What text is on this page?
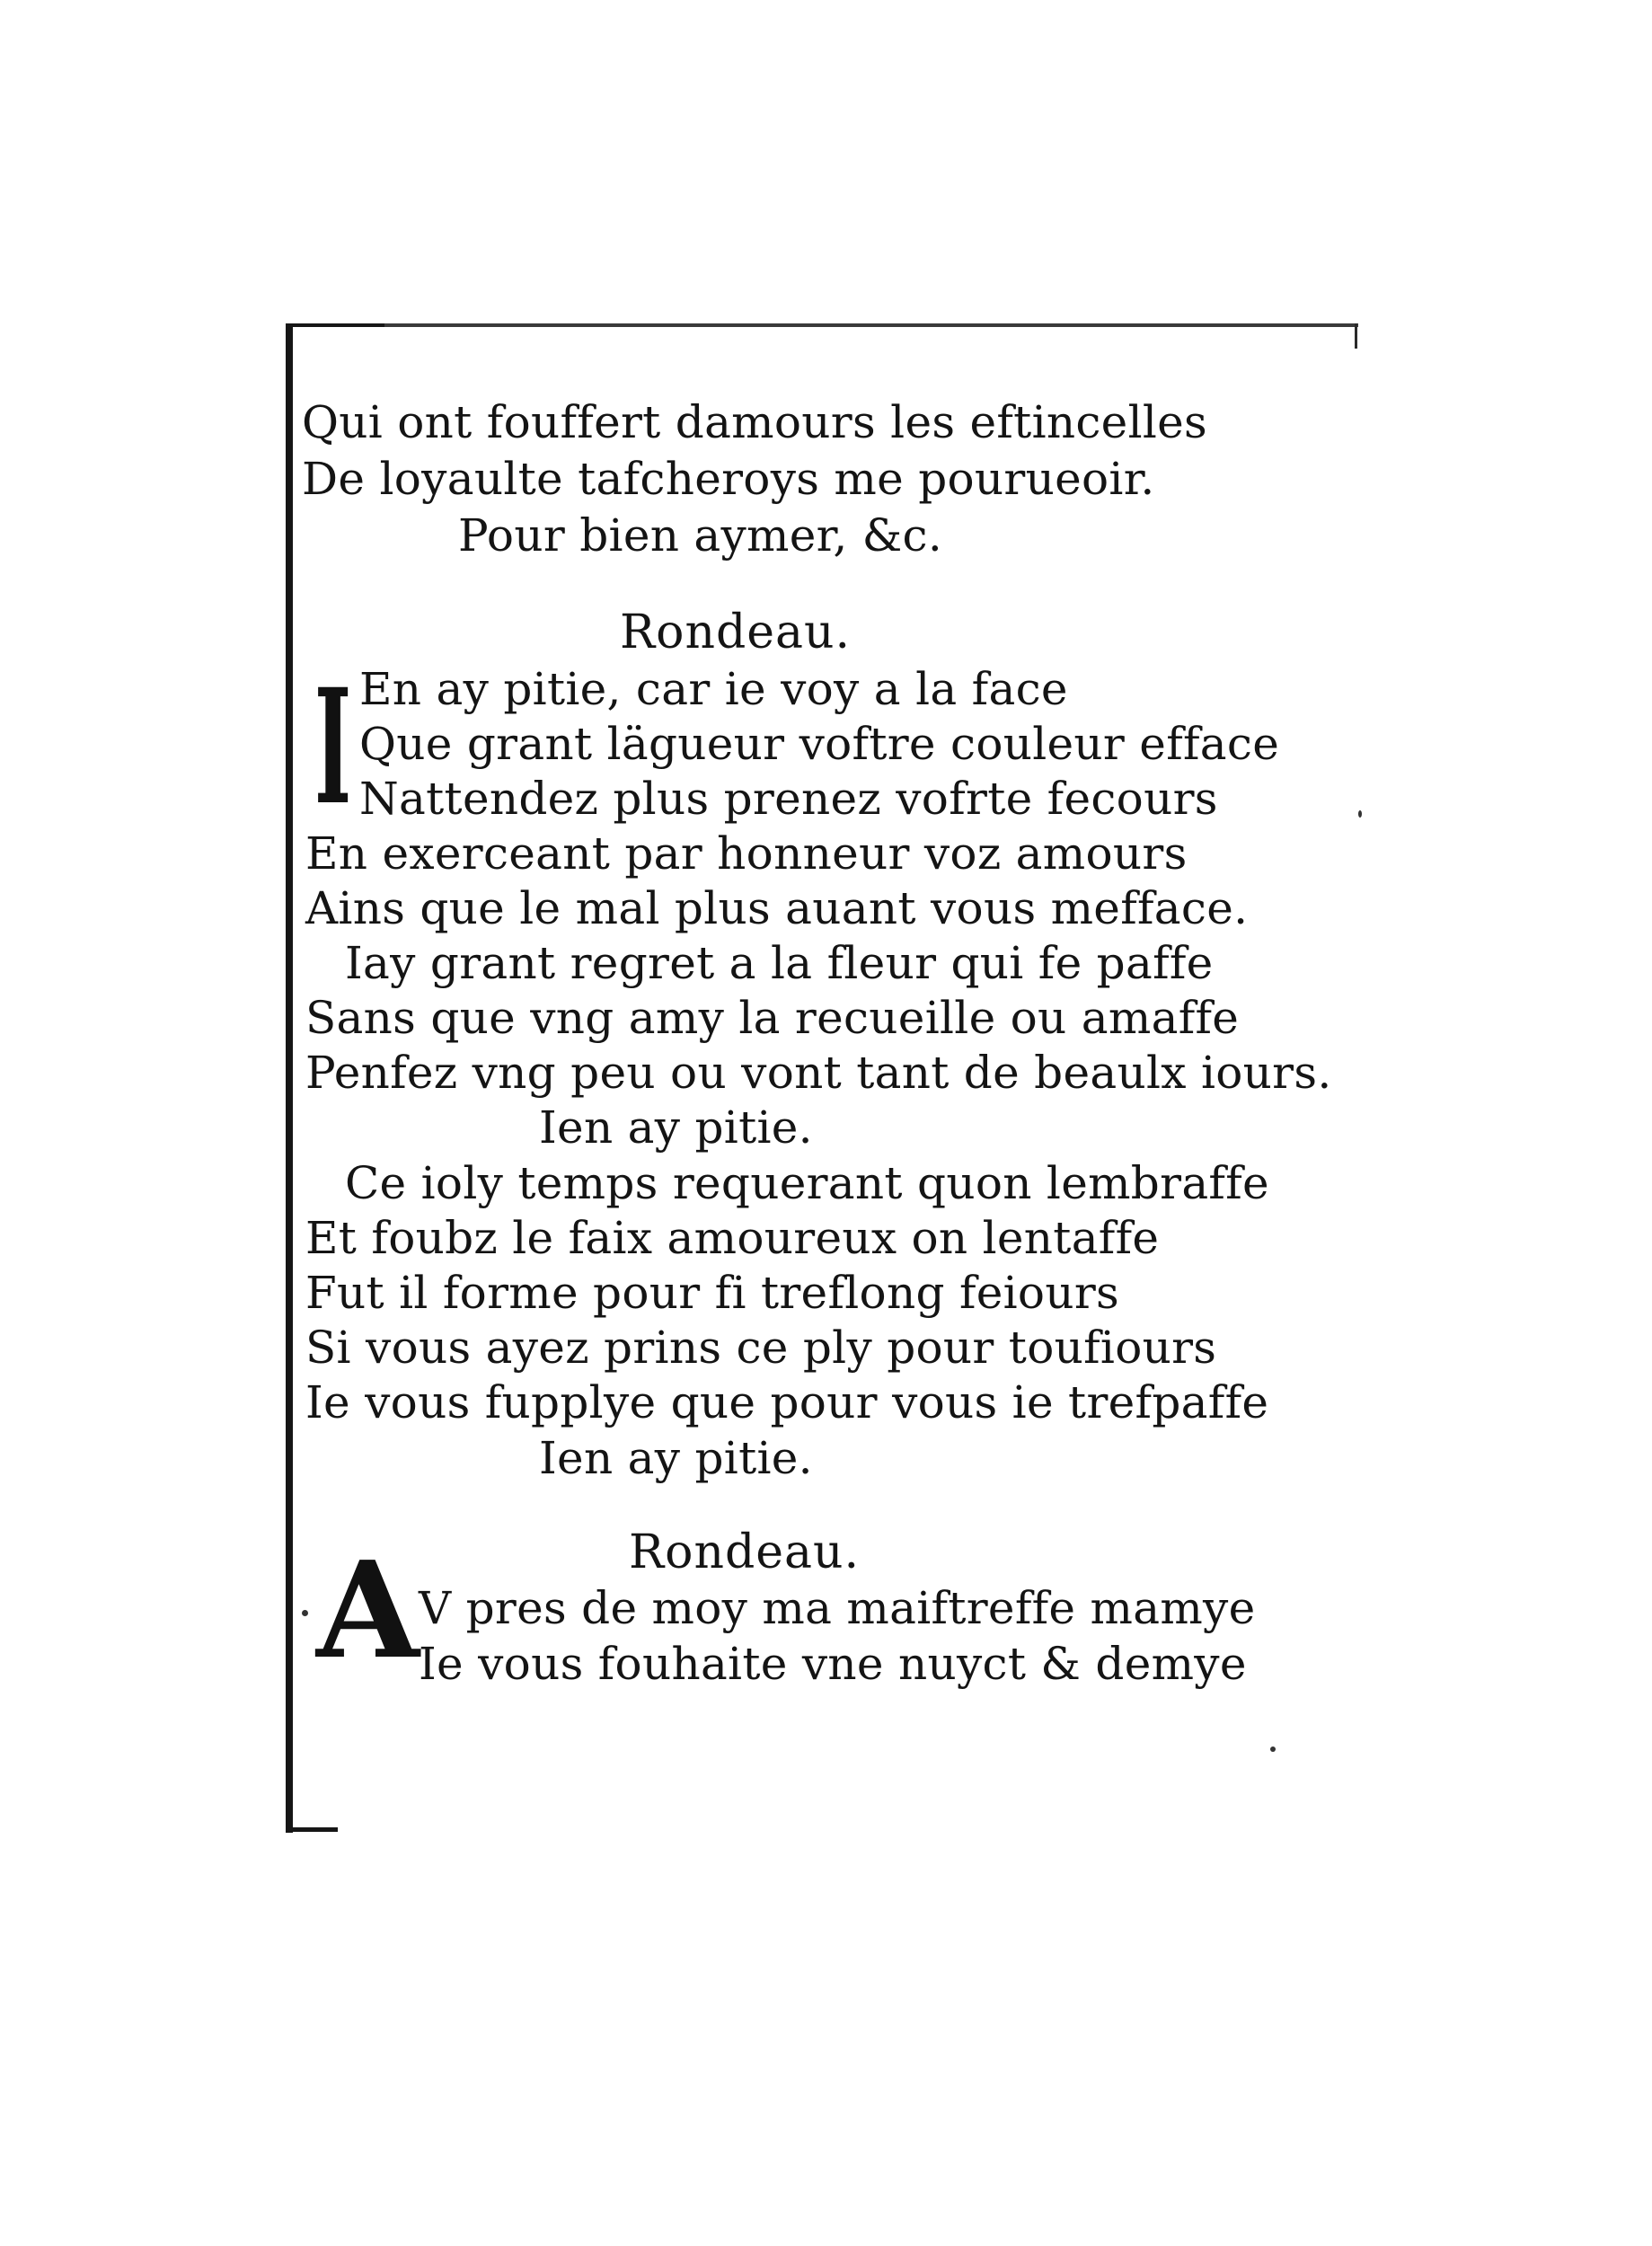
Qui ont fouffert damours les eftincelles
De loyaulte tafcheroys me pourueoir.
Pour bien aymer, &c.
Rondeau.
I En ay pitie, car ie voy a la face
Que grant läguеur voftre couleur efface
Nattendez plus prenez vofrte fecours
En exerceant par honneur voz amours
Ains que le mal plus auant vous meffacе.
Iay grant regret a la fleur qui fe paffe
Sans que vng amy la recueille ou amaffe
Penfez vng peu ou vont tant de beaulx iours.
Ien ay pitie.
Ce ioly temps requerant quon lembraffe
Et foubz le faix amoureux on lentaffe
Fut il forme pour fi treflong feiours
Si vous ayez prins ce ply pour toufiours
Ie vous fupplye que pour vous ie trefpaffe
Ien ay pitie.
Rondeau.
A V pres de moy ma maiftreffe mamye
Ie vous fouhaite vne nuyct & demye
